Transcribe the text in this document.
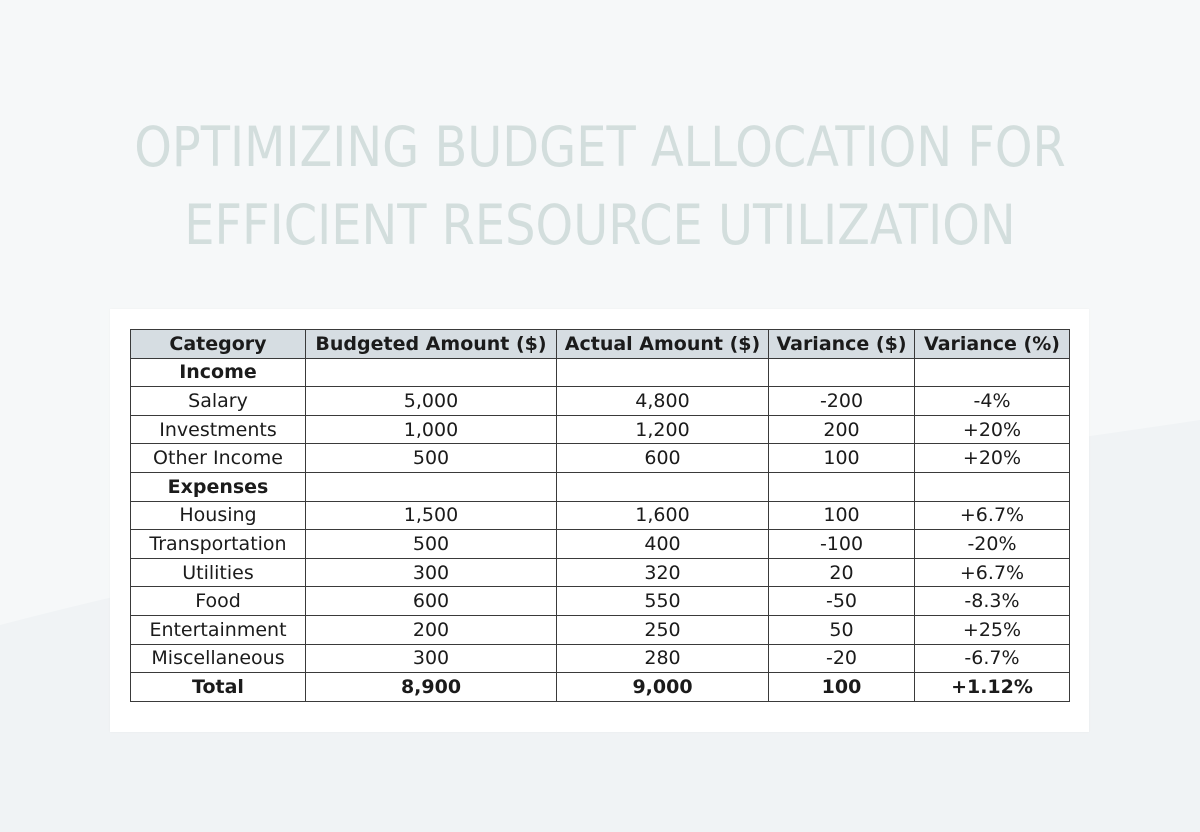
OPTIMIZING BUDGET ALLOCATION FOR
EFFICIENT RESOURCE UTILIZATION
Category	Budgeted Amount ($)	Actual Amount ($)	Variance ($)	Variance (%)
Income				
Salary	5,000	4,800	-200	-4%
Investments	1,000	1,200	200	+20%
Other Income	500	600	100	+20%
Expenses				
Housing	1,500	1,600	100	+6.7%
Transportation	500	400	-100	-20%
Utilities	300	320	20	+6.7%
Food	600	550	-50	-8.3%
Entertainment	200	250	50	+25%
Miscellaneous	300	280	-20	-6.7%
Total	8,900	9,000	100	+1.12%
